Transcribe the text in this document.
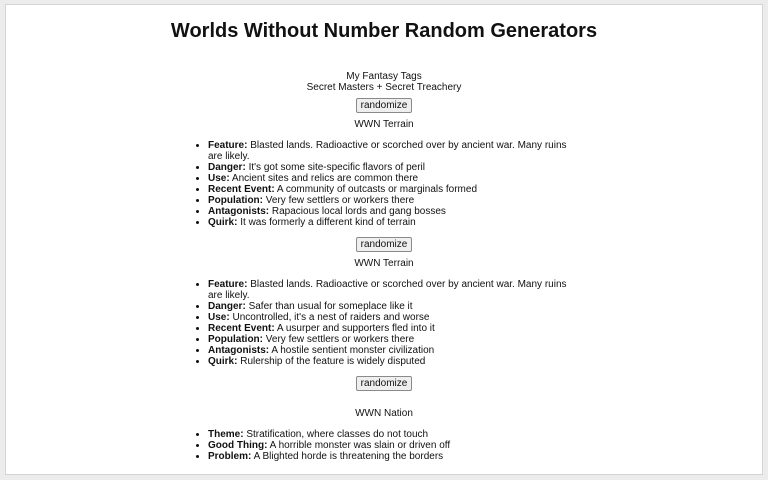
Worlds Without Number Random Generators
My Fantasy Tags
Secret Masters + Secret Treachery
randomize
WWN Terrain
• Feature: Blasted lands. Radioactive or scorched over by ancient war. Many ruins are likely.
• Danger: It's got some site-specific flavors of peril
• Use: Ancient sites and relics are common there
• Recent Event: A community of outcasts or marginals formed
• Population: Very few settlers or workers there
• Antagonists: Rapacious local lords and gang bosses
• Quirk: It was formerly a different kind of terrain
randomize
WWN Terrain
• Feature: Blasted lands. Radioactive or scorched over by ancient war. Many ruins are likely.
• Danger: Safer than usual for someplace like it
• Use: Uncontrolled, it's a nest of raiders and worse
• Recent Event: A usurper and supporters fled into it
• Population: Very few settlers or workers there
• Antagonists: A hostile sentient monster civilization
• Quirk: Rulership of the feature is widely disputed
randomize
WWN Nation
• Theme: Stratification, where classes do not touch
• Good Thing: A horrible monster was slain or driven off
• Problem: A Blighted horde is threatening the borders
